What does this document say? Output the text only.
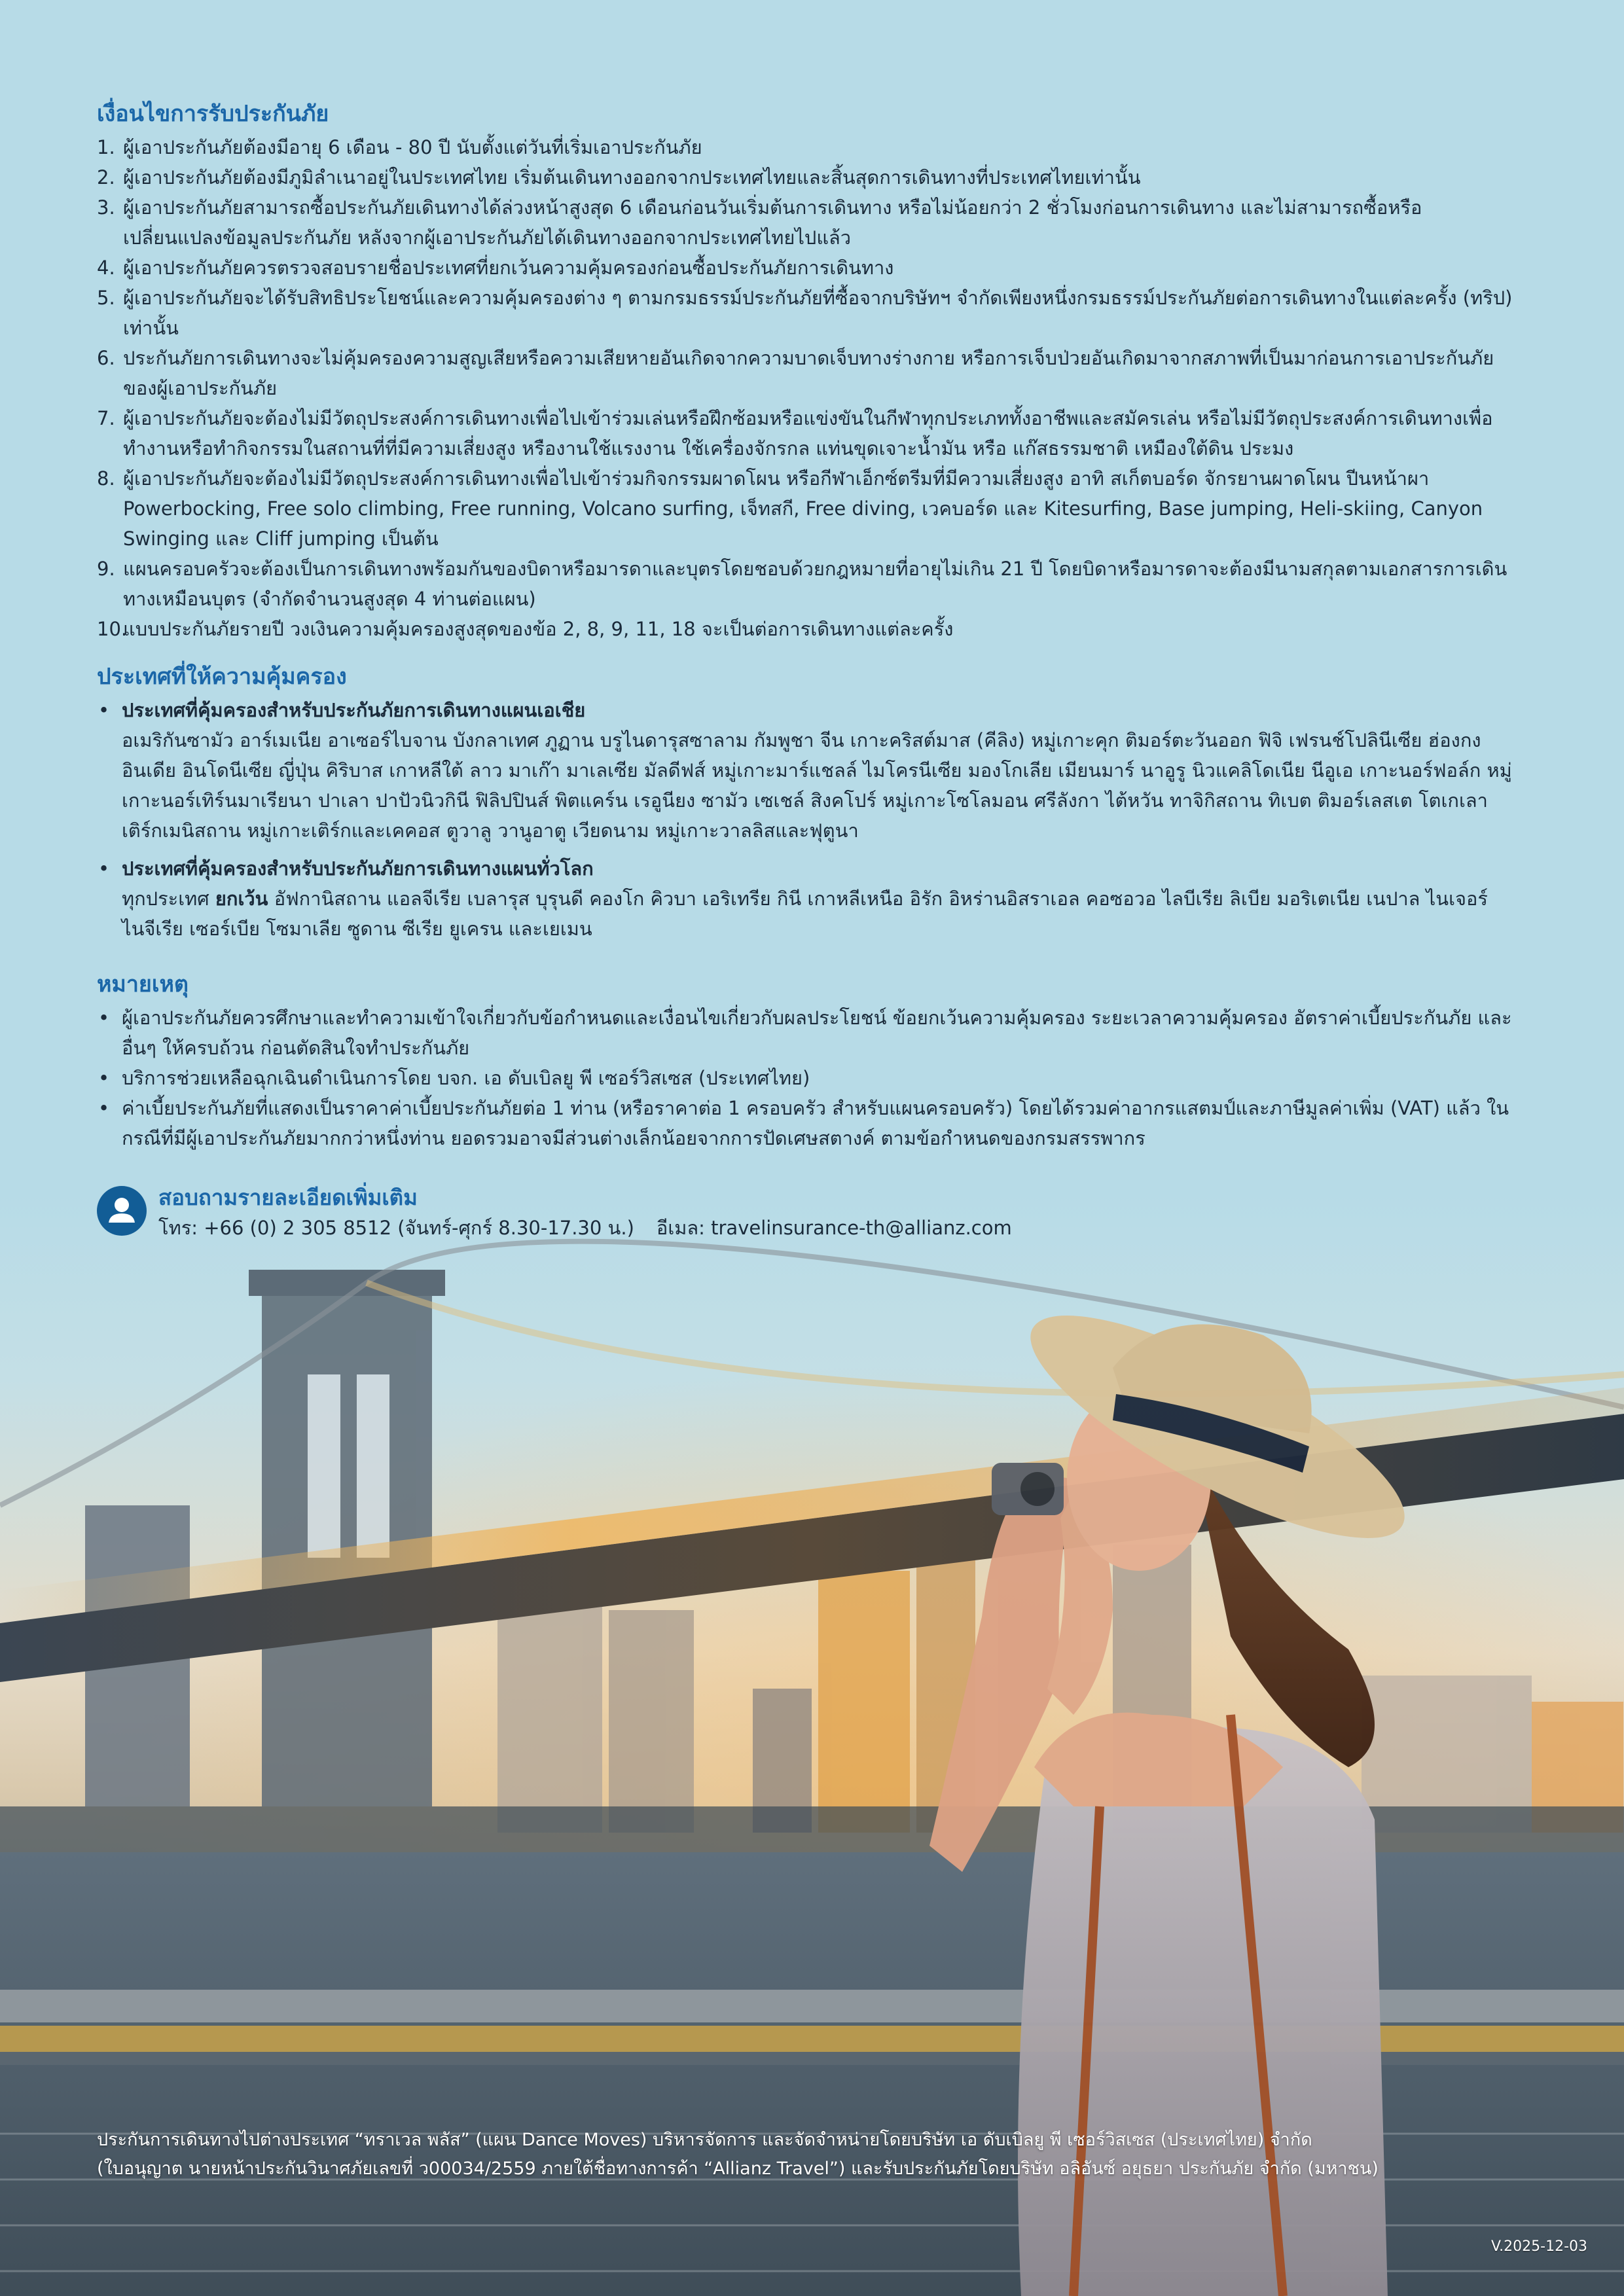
เงื่อนไขการรับประกันภัย
1. ผู้เอาประกันภัยต้องมีอายุ 6 เดือน - 80 ปี นับตั้งแต่วันที่เริ่มเอาประกันภัย
2. ผู้เอาประกันภัยต้องมีภูมิลำเนาอยู่ในประเทศไทย เริ่มต้นเดินทางออกจากประเทศไทยและสิ้นสุดการเดินทางที่ประเทศไทยเท่านั้น
3. ผู้เอาประกันภัยสามารถซื้อประกันภัยเดินทางได้ล่วงหน้าสูงสุด 6 เดือนก่อนวันเริ่มต้นการเดินทาง หรือไม่น้อยกว่า 2 ชั่วโมงก่อนการเดินทาง และไม่สามารถซื้อหรือเปลี่ยนแปลงข้อมูลประกันภัย หลังจากผู้เอาประกันภัยได้เดินทางออกจากประเทศไทยไปแล้ว
4. ผู้เอาประกันภัยควรตรวจสอบรายชื่อประเทศที่ยกเว้นความคุ้มครองก่อนซื้อประกันภัยการเดินทาง
5. ผู้เอาประกันภัยจะได้รับสิทธิประโยชน์และความคุ้มครองต่าง ๆ ตามกรมธรรม์ประกันภัยที่ซื้อจากบริษัทฯ จำกัดเพียงหนึ่งกรมธรรม์ประกันภัยต่อการเดินทางในแต่ละครั้ง (ทริป) เท่านั้น
6. ประกันภัยการเดินทางจะไม่คุ้มครองความสูญเสียหรือความเสียหายอันเกิดจากความบาดเจ็บทางร่างกาย หรือการเจ็บป่วยอันเกิดมาจากสภาพที่เป็นมาก่อนการเอาประกันภัยของผู้เอาประกันภัย
7. ผู้เอาประกันภัยจะต้องไม่มีวัตถุประสงค์การเดินทางเพื่อไปเข้าร่วมเล่นหรือฝึกซ้อมหรือแข่งขันในกีฬาทุกประเภททั้งอาชีพและสมัครเล่น หรือไม่มีวัตถุประสงค์การเดินทางเพื่อทำงานหรือทำกิจกรรมในสถานที่ที่มีความเสี่ยงสูง หรืองานใช้แรงงาน ใช้เครื่องจักรกล แท่นขุดเจาะน้ำมัน หรือ แก๊สธรรมชาติ เหมืองใต้ดิน ประมง
8. ผู้เอาประกันภัยจะต้องไม่มีวัตถุประสงค์การเดินทางเพื่อไปเข้าร่วมกิจกรรมผาดโผน หรือกีฬาเอ็กซ์ตรีมที่มีความเสี่ยงสูง อาทิ สเก็ตบอร์ด จักรยานผาดโผน ปีนหน้าผา Powerbocking, Free solo climbing, Free running, Volcano surfing, เจ็ทสกี, Free diving, เวคบอร์ด และ Kitesurfing, Base jumping, Heli-skiing, Canyon Swinging และ Cliff jumping เป็นต้น
9. แผนครอบครัวจะต้องเป็นการเดินทางพร้อมกันของบิดาหรือมารดาและบุตรโดยชอบด้วยกฎหมายที่อายุไม่เกิน 21 ปี โดยบิดาหรือมารดาจะต้องมีนามสกุลตามเอกสารการเดินทางเหมือนบุตร (จำกัดจำนวนสูงสุด 4 ท่านต่อแผน)
10.
แบบประกันภัยรายปี วงเงินความคุ้มครองสูงสุดของข้อ 2, 8, 9, 11, 18 จะเป็นต่อการเดินทางแต่ละครั้ง
ประเทศที่ให้ความคุ้มครอง
• ประเทศที่คุ้มครองสำหรับประกันภัยการเดินทางแผนเอเชีย
อเมริกันซามัว อาร์เมเนีย อาเซอร์ไบจาน บังกลาเทศ ภูฏาน บรูไนดารุสซาลาม กัมพูชา จีน เกาะคริสต์มาส (คีลิง) หมู่เกาะคุก ติมอร์ตะวันออก ฟิจิ เฟรนช์โปลินีเซีย ฮ่องกง อินเดีย อินโดนีเซีย ญี่ปุ่น คิริบาส เกาหลีใต้ ลาว มาเก๊า มาเลเซีย มัลดีฟส์ หมู่เกาะมาร์แชลล์ ไมโครนีเซีย มองโกเลีย เมียนมาร์ นาอูรู นิวแคลิโดเนีย นีอูเอ เกาะนอร์ฟอล์ก หมู่เกาะนอร์เทิร์นมาเรียนา ปาเลา ปาปัวนิวกินี ฟิลิปปินส์ พิตแคร์น เรอูนียง ซามัว เซเชล์ สิงคโปร์ หมู่เกาะโซโลมอน ศรีลังกา ไต้หวัน ทาจิกิสถาน ทิเบต ติมอร์เลสเต โตเกเลา เติร์กเมนิสถาน หมู่เกาะเติร์กและเคคอส ตูวาลู วานูอาตู เวียดนาม หมู่เกาะวาลลิสและฟุตูนา
• ประเทศที่คุ้มครองสำหรับประกันภัยการเดินทางแผนทั่วโลก
ทุกประเทศ ยกเว้น อัฟกานิสถาน แอลจีเรีย เบลารุส บุรุนดี คองโก คิวบา เอริเทรีย กินี เกาหลีเหนือ อิรัก อิหร่านอิสราเอล คอซอวอ ไลบีเรีย ลิเบีย มอริเตเนีย เนปาล ไนเจอร์ ไนจีเรีย เซอร์เบีย โซมาเลีย ซูดาน ซีเรีย ยูเครน และเยเมน
หมายเหตุ
• ผู้เอาประกันภัยควรศึกษาและทำความเข้าใจเกี่ยวกับข้อกำหนดและเงื่อนไขเกี่ยวกับผลประโยชน์ ข้อยกเว้นความคุ้มครอง ระยะเวลาความคุ้มครอง อัตราค่าเบี้ยประกันภัย และอื่นๆ ให้ครบถ้วน ก่อนตัดสินใจทำประกันภัย
• บริการช่วยเหลือฉุกเฉินดำเนินการโดย บจก. เอ ดับเบิลยู พี เซอร์วิสเซส (ประเทศไทย)
• ค่าเบี้ยประกันภัยที่แสดงเป็นราคาค่าเบี้ยประกันภัยต่อ 1 ท่าน (หรือราคาต่อ 1 ครอบครัว สำหรับแผนครอบครัว) โดยได้รวมค่าอากรแสตมป์และภาษีมูลค่าเพิ่ม (VAT) แล้ว ในกรณีที่มีผู้เอาประกันภัยมากกว่าหนึ่งท่าน ยอดรวมอาจมีส่วนต่างเล็กน้อยจากการปัดเศษสตางค์ ตามข้อกำหนดของกรมสรรพากร
สอบถามรายละเอียดเพิ่มเติม
โทร: +66 (0) 2 305 8512 (จันทร์-ศุกร์ 8.30-17.30 น.) อีเมล: travelinsurance-th@allianz.com
ประกันการเดินทางไปต่างประเทศ “ทราเวล พลัส” (แผน Dance Moves) บริหารจัดการ และจัดจำหน่ายโดยบริษัท เอ ดับเบิลยู พี เซอร์วิสเซส (ประเทศไทย) จำกัด
(ใบอนุญาต นายหน้าประกันวินาศภัยเลขที่ ว00034/2559 ภายใต้ชื่อทางการค้า “Allianz Travel”) และรับประกันภัยโดยบริษัท อลิอันซ์ อยุธยา ประกันภัย จำกัด (มหาชน)
V.2025-12-03
